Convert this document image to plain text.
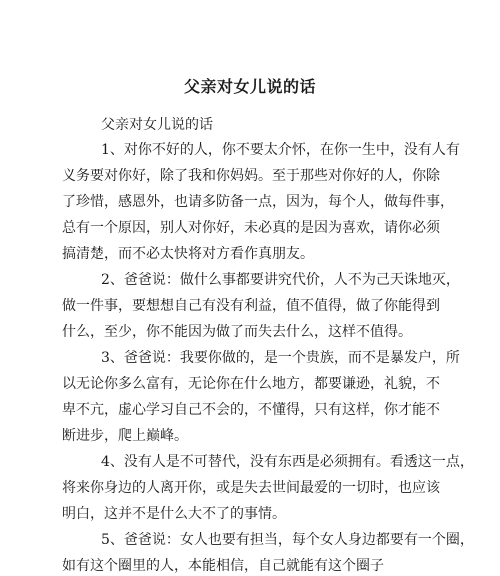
父亲对女儿说的话
父亲对女儿说的话
1、对你不好的人，你不要太介怀，在你一生中，没有人有
义务要对你好，除了我和你妈妈。至于那些对你好的人，你除
了珍惜，感恩外，也请多防备一点，因为，每个人，做每件事，
总有一个原因，别人对你好，未必真的是因为喜欢，请你必须
搞清楚，而不必太快将对方看作真朋友。
2、爸爸说：做什么事都要讲究代价，人不为己天诛地灭，
做一件事，要想想自己有没有利益，值不值得，做了你能得到
什么，至少，你不能因为做了而失去什么，这样不值得。
3、爸爸说：我要你做的，是一个贵族，而不是暴发户，所
以无论你多么富有，无论你在什么地方，都要谦逊，礼貌，不
卑不亢，虚心学习自己不会的，不懂得，只有这样，你才能不
断进步，爬上巅峰。
4、没有人是不可替代，没有东西是必须拥有。看透这一点，
将来你身边的人离开你，或是失去世间最爱的一切时，也应该
明白，这并不是什么大不了的事情。
5、爸爸说：女人也要有担当，每个女人身边都要有一个圈，
如有这个圈里的人，本能相信，自己就能有这个圈子
